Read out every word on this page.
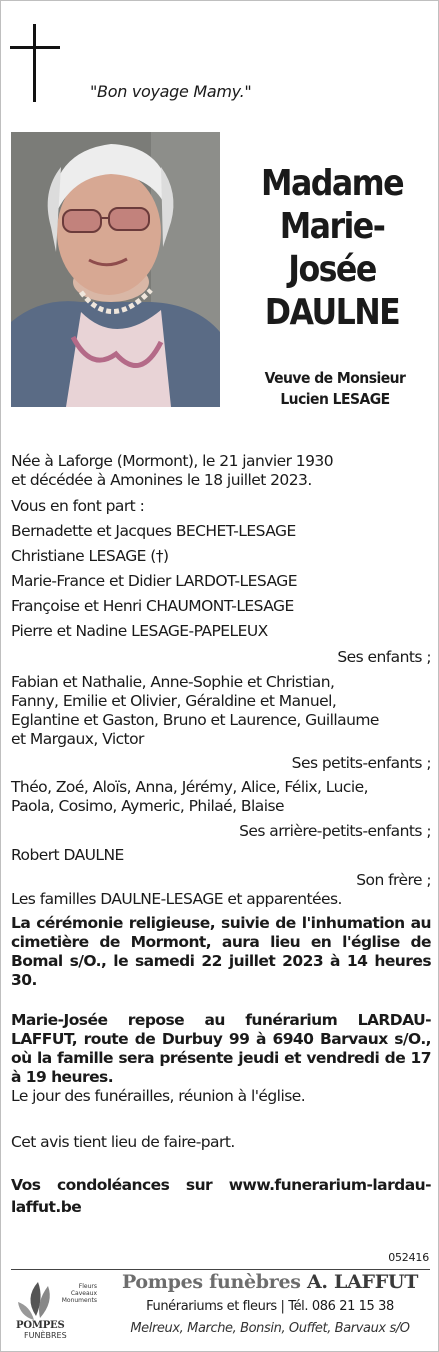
"Bon voyage Mamy."
Madame
Marie-
Josée
DAULNE
Veuve de Monsieur
Lucien LESAGE
Née à Laforge (Mormont), le 21 janvier 1930
et décédée à Amonines le 18 juillet 2023.
Vous en font part :
Bernadette et Jacques BECHET-LESAGE
Christiane LESAGE (†)
Marie-France et Didier LARDOT-LESAGE
Françoise et Henri CHAUMONT-LESAGE
Pierre et Nadine LESAGE-PAPELEUX
Ses enfants ;
Fabian et Nathalie, Anne-Sophie et Christian,
Fanny, Emilie et Olivier, Géraldine et Manuel,
Eglantine et Gaston, Bruno et Laurence, Guillaume
et Margaux, Victor
Ses petits-enfants ;
Théo, Zoé, Aloïs, Anna, Jérémy, Alice, Félix, Lucie,
Paola, Cosimo, Aymeric, Philaé, Blaise
Ses arrière-petits-enfants ;
Robert DAULNE
Son frère ;
Les familles DAULNE-LESAGE et apparentées.
La cérémonie religieuse, suivie de l'inhumation au cimetière de Mormont, aura lieu en l'église de Bomal s/O., le samedi 22 juillet 2023 à 14 heures 30.
Marie-Josée repose au funérarium LARDAU-LAFFUT, route de Durbuy 99 à 6940 Barvaux s/O., où la famille sera présente jeudi et vendredi de 17 à 19 heures.
Le jour des funérailles, réunion à l'église.
Cet avis tient lieu de faire-part.
Vos condoléances sur www.funerarium-lardau-
laffut.be
052416
Fleurs
Caveaux
Monuments
POMPES
FUNÈBRES
Pompes funèbres A. LAFFUT
Funérariums et fleurs | Tél. 086 21 15 38
Melreux, Marche, Bonsin, Ouffet, Barvaux s/O
